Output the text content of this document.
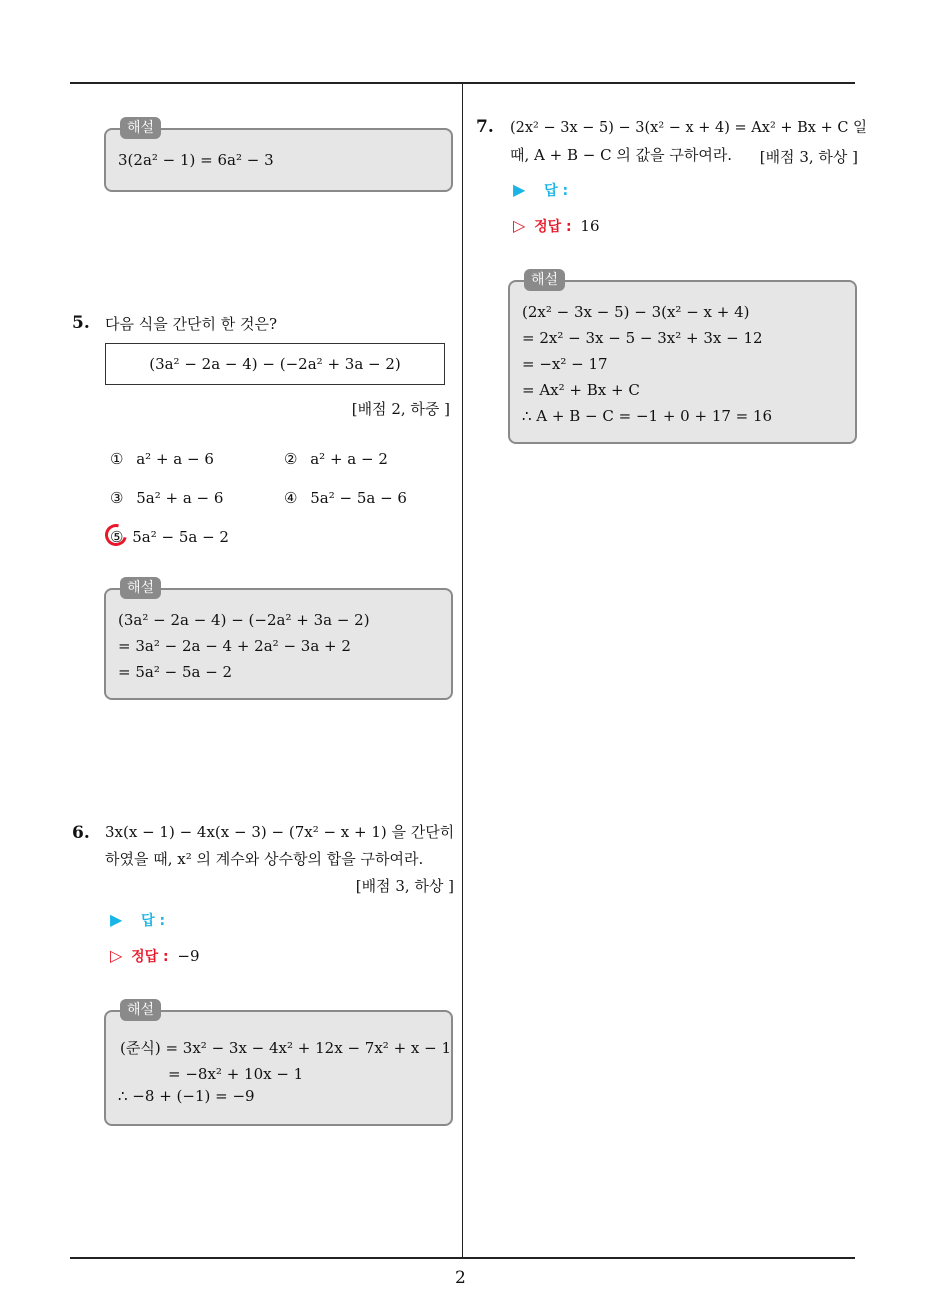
2
3(2a² − 1) = 6a² − 3
해설
5. 다음 식을 간단히 한 것은?
(3a² − 2a − 4) − (−2a² + 3a − 2)
[배점 2, 하중 ]
① a² + a − 6	② a² + a − 2
③ 5a² + a − 6	④ 5a² − 5a − 6
⑤ 5a² − 5a − 2
(3a² − 2a − 4) − (−2a² + 3a − 2)
= 3a² − 2a − 4 + 2a² − 3a + 2
= 5a² − 5a − 2
해설
6. 3x(x − 1) − 4x(x − 3) − (7x² − x + 1) 을 간단히
하였을 때, x² 의 계수와 상수항의 합을 구하여라.
[배점 3, 하상 ]
▶ 답 :
▷ 정답 : −9
(준식) = 3x² − 3x − 4x² + 12x − 7x² + x − 1
= −8x² + 10x − 1
∴ −8 + (−1) = −9
해설
7. (2x² − 3x − 5) − 3(x² − x + 4) = Ax² + Bx + C 일
때, A + B − C 의 값을 구하여라.	[배점 3, 하상 ]
▶ 답 :
▷ 정답 : 16
(2x² − 3x − 5) − 3(x² − x + 4)
= 2x² − 3x − 5 − 3x² + 3x − 12
= −x² − 17
= Ax² + Bx + C
∴ A + B − C = −1 + 0 + 17 = 16
해설
